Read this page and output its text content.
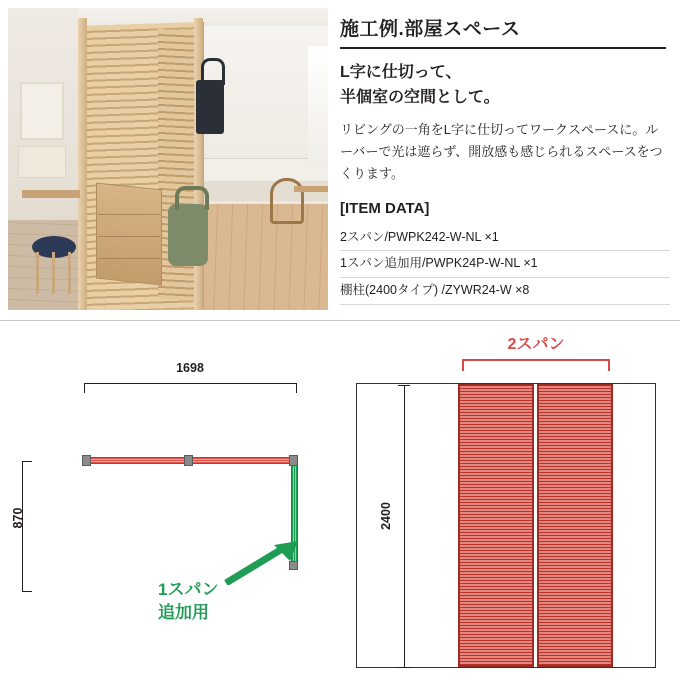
施工例.部屋スペース
L字に仕切って、
半個室の空間として。
リビングの一角をL字に仕切ってワークスペースに。ルーバーで光は遮らず、開放感も感じられるスペースをつくります。
[ITEM DATA]
2スパン/PWPK242-W-NL ×1
1スパン追加用/PWPK24P-W-NL ×1
棚柱(2400タイプ) /ZYWR24-W ×8
1698
870
1スパン
追加用
2スパン
2400
